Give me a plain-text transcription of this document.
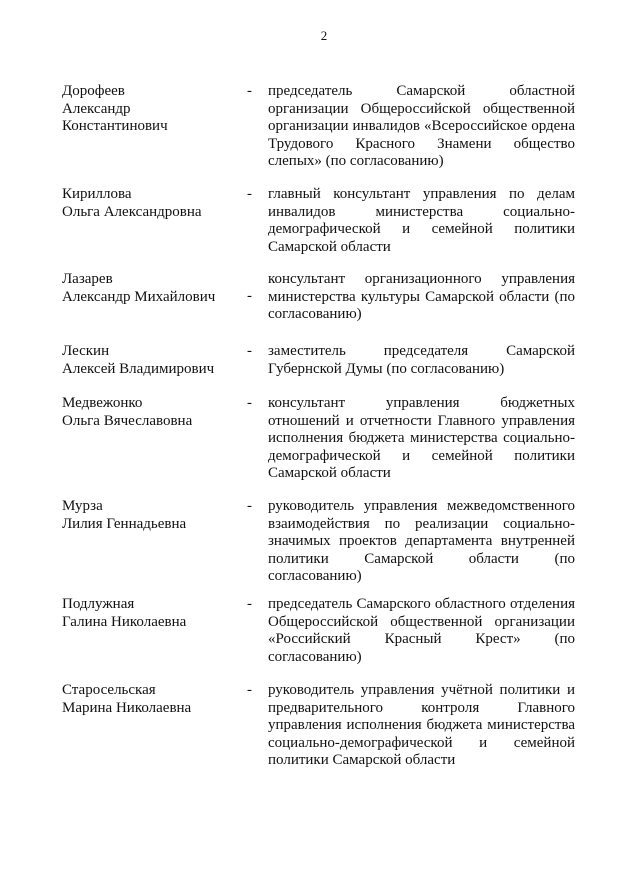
2
Дорофеев
Александр
Константинович
- председатель Самарской областной организации Общероссийской общественной организации инвалидов «Всероссийское ордена Трудового Красного Знамени общество слепых» (по согласованию)
Кириллова
Ольга Александровна
- главный консультант управления по делам инвалидов министерства социально-демографической и семейной политики Самарской области
Лазарев
Александр Михайлович	-
консультант организационного управления министерства культуры Самарской области (по согласованию)
Лескин
Алексей Владимирович
- заместитель председателя Самарской Губернской Думы (по согласованию)
Медвежонко
Ольга Вячеславовна
- консультант управления бюджетных отношений и отчетности Главного управления исполнения бюджета министерства социально-демографической и семейной политики Самарской области
Мурза
Лилия Геннадьевна
- руководитель управления межведомственного взаимодействия по реализации социально-значимых проектов департамента внутренней политики Самарской области (по согласованию)
Подлужная
Галина Николаевна
- председатель Самарского областного отделения Общероссийской общественной организации «Российский Красный Крест» (по согласованию)
Старосельская
Марина Николаевна
- руководитель управления учётной политики и предварительного контроля Главного управления исполнения бюджета министерства социально-демографической и семейной политики Самарской области
